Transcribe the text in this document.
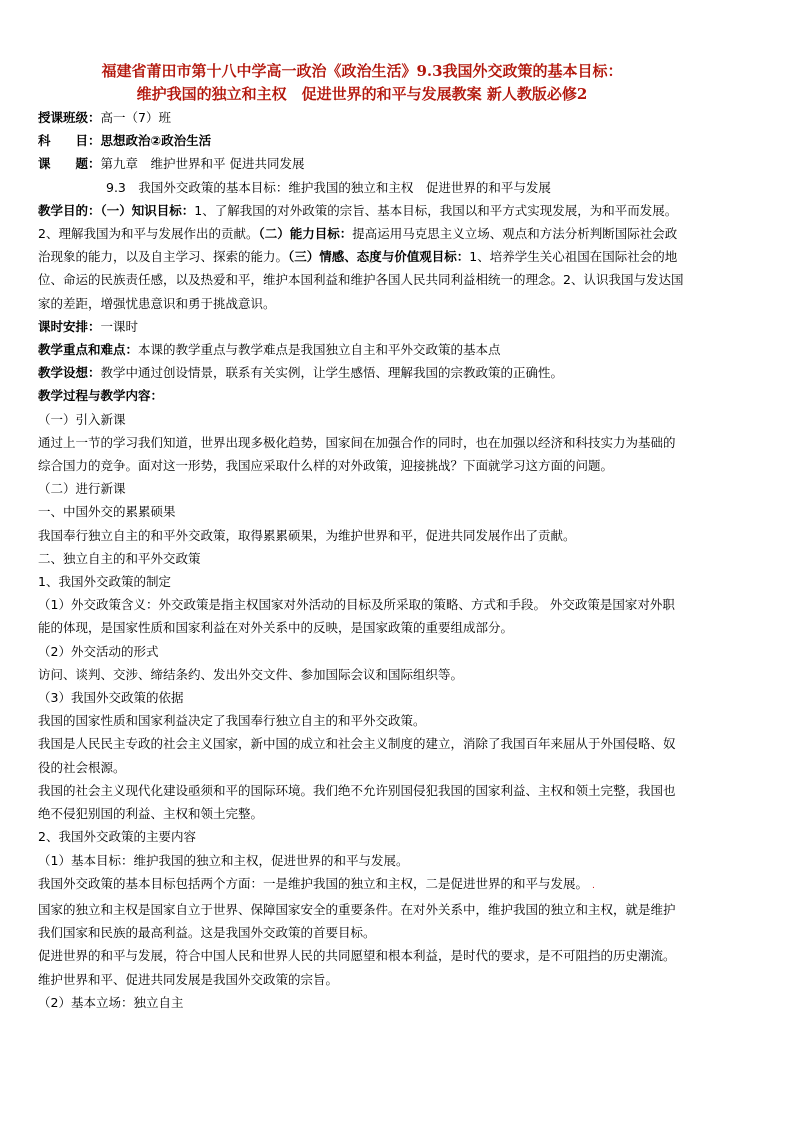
福建省莆田市第十八中学高一政治《政治生活》9.3我国外交政策的基本目标：

维护我国的独立和主权　促进世界的和平与发展教案 新人教版必修2

授课班级：高一（7）班

科　　目：思想政治②政治生活

课　　题：第九章　维护世界和平 促进共同发展

9.3　我国外交政策的基本目标：维护我国的独立和主权　促进世界的和平与发展

教学目的：（一）知识目标：1、了解我国的对外政策的宗旨、基本目标，我国以和平方式实现发展，为和平而发展。2、理解我国为和平与发展作出的贡献。（二）能力目标：提高运用马克思主义立场、观点和方法分析判断国际社会政治现象的能力，以及自主学习、探索的能力。（三）情感、态度与价值观目标：1、培养学生关心祖国在国际社会的地位、命运的民族责任感，以及热爱和平，维护本国利益和维护各国人民共同利益相统一的理念。2、认识我国与发达国家的差距，增强忧患意识和勇于挑战意识。

课时安排：一课时

教学重点和难点：本课的教学重点与教学难点是我国独立自主和平外交政策的基本点

教学设想：教学中通过创设情景，联系有关实例，让学生感悟、理解我国的宗教政策的正确性。

教学过程与教学内容：

（一）引入新课

通过上一节的学习我们知道，世界出现多极化趋势，国家间在加强合作的同时，也在加强以经济和科技实力为基础的综合国力的竞争。面对这一形势，我国应采取什么样的对外政策，迎接挑战？下面就学习这方面的问题。

（二）进行新课

一、中国外交的累累硕果

我国奉行独立自主的和平外交政策，取得累累硕果，为维护世界和平，促进共同发展作出了贡献。

二、独立自主的和平外交政策

1、我国外交政策的制定

（1）外交政策含义：外交政策是指主权国家对外活动的目标及所采取的策略、方式和手段。 外交政策是国家对外职能的体现，是国家性质和国家利益在对外关系中的反映，是国家政策的重要组成部分。

（2）外交活动的形式

访问、谈判、交涉、缔结条约、发出外交文件、参加国际会议和国际组织等。

（3）我国外交政策的依据

我国的国家性质和国家利益决定了我国奉行独立自主的和平外交政策。

我国是人民民主专政的社会主义国家，新中国的成立和社会主义制度的建立，消除了我国百年来屈从于外国侵略、奴役的社会根源。

我国的社会主义现代化建设亟须和平的国际环境。我们绝不允许别国侵犯我国的国家利益、主权和领土完整，我国也绝不侵犯别国的利益、主权和领土完整。

2、我国外交政策的主要内容

（1）基本目标：维护我国的独立和主权，促进世界的和平与发展。

我国外交政策的基本目标包括两个方面：一是维护我国的独立和主权，二是促进世界的和平与发展。 .

国家的独立和主权是国家自立于世界、保障国家安全的重要条件。在对外关系中，维护我国的独立和主权，就是维护我们国家和民族的最高利益。这是我国外交政策的首要目标。

促进世界的和平与发展，符合中国人民和世界人民的共同愿望和根本利益，是时代的要求，是不可阻挡的历史潮流。维护世界和平、促进共同发展是我国外交政策的宗旨。

（2）基本立场：独立自主
